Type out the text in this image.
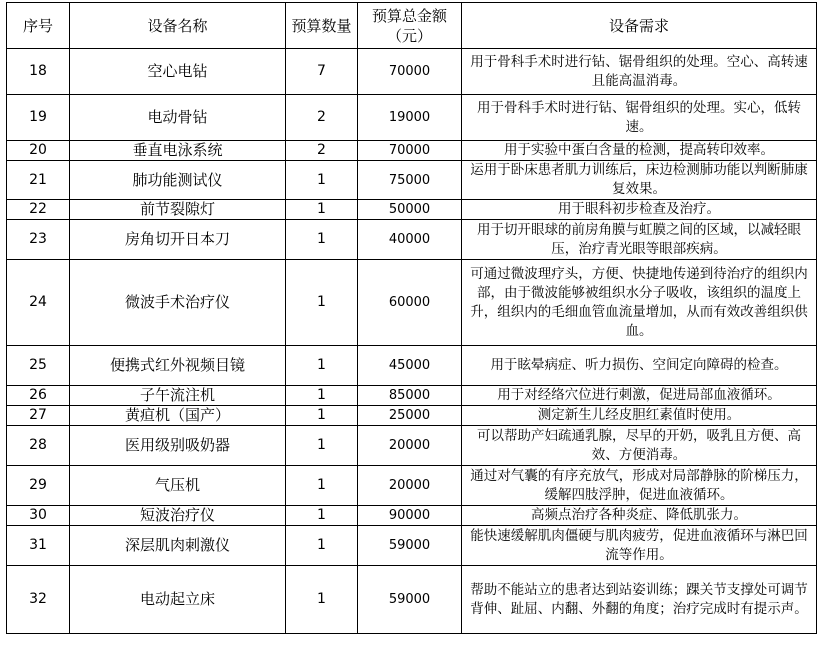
序号	设备名称	预算数量	预算总金额（元）	设备需求
18	空心电钻	7	70000	用于骨科手术时进行钻、锯骨组织的处理。空心、高转速且能高温消毒。
19	电动骨钻	2	19000	用于骨科手术时进行钻、锯骨组织的处理。实心，低转速。
20	垂直电泳系统	2	70000	用于实验中蛋白含量的检测，提高转印效率。
21	肺功能测试仪	1	75000	运用于卧床患者肌力训练后，床边检测肺功能以判断肺康复效果。
22	前节裂隙灯	1	50000	用于眼科初步检查及治疗。
23	房角切开日本刀	1	40000	用于切开眼球的前房角膜与虹膜之间的区域，以减轻眼压，治疗青光眼等眼部疾病。
24	微波手术治疗仪	1	60000	可通过微波理疗头，方便、快捷地传递到待治疗的组织内部，由于微波能够被组织水分子吸收，该组织的温度上升，组织内的毛细血管血流量增加，从而有效改善组织供血。
25	便携式红外视频目镜	1	45000	用于眩晕病症、听力损伤、空间定向障碍的检查。
26	子午流注机	1	85000	用于对经络穴位进行刺激，促进局部血液循环。
27	黄疸机（国产）	1	25000	测定新生儿经皮胆红素值时使用。
28	医用级别吸奶器	1	20000	可以帮助产妇疏通乳腺，尽早的开奶，吸乳且方便、高效、方便消毒。
29	气压机	1	20000	通过对气囊的有序充放气，形成对局部静脉的阶梯压力，缓解四肢浮肿，促进血液循环。
30	短波治疗仪	1	90000	高频点治疗各种炎症、降低肌张力。
31	深层肌肉刺激仪	1	59000	能快速缓解肌肉僵硬与肌肉疲劳，促进血液循环与淋巴回流等作用。
32	电动起立床	1	59000	帮助不能站立的患者达到站姿训练；踝关节支撑处可调节背伸、趾屈、内翻、外翻的角度；治疗完成时有提示声。
